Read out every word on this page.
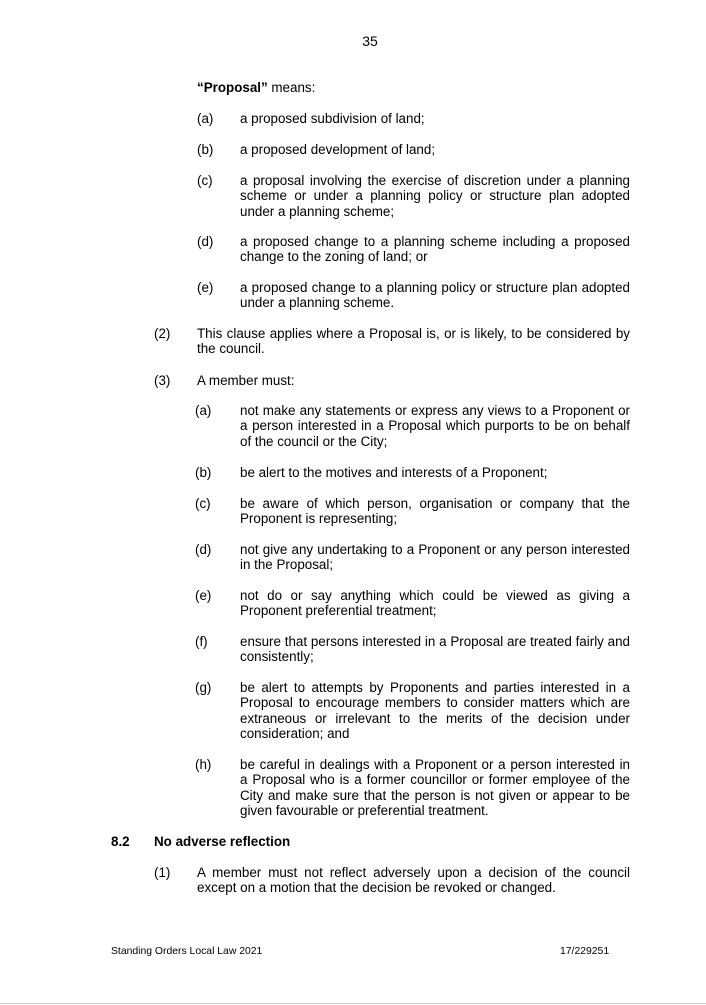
35
“Proposal” means:
(a) a proposed subdivision of land;
(b) a proposed development of land;
(c) a proposal involving the exercise of discretion under a planning scheme or under a planning policy or structure plan adopted under a planning scheme;
(d) a proposed change to a planning scheme including a proposed change to the zoning of land; or
(e) a proposed change to a planning policy or structure plan adopted under a planning scheme.
(2) This clause applies where a Proposal is, or is likely, to be considered by the council.
(3) A member must:
(a) not make any statements or express any views to a Proponent or a person interested in a Proposal which purports to be on behalf of the council or the City;
(b) be alert to the motives and interests of a Proponent;
(c) be aware of which person, organisation or company that the Proponent is representing;
(d) not give any undertaking to a Proponent or any person interested in the Proposal;
(e) not do or say anything which could be viewed as giving a Proponent preferential treatment;
(f) ensure that persons interested in a Proposal are treated fairly and consistently;
(g) be alert to attempts by Proponents and parties interested in a Proposal to encourage members to consider matters which are extraneous or irrelevant to the merits of the decision under consideration; and
(h) be careful in dealings with a Proponent or a person interested in a Proposal who is a former councillor or former employee of the City and make sure that the person is not given or appear to be given favourable or preferential treatment.
8.2 No adverse reflection
(1) A member must not reflect adversely upon a decision of the council except on a motion that the decision be revoked or changed.
Standing Orders Local Law 2021	17/229251
